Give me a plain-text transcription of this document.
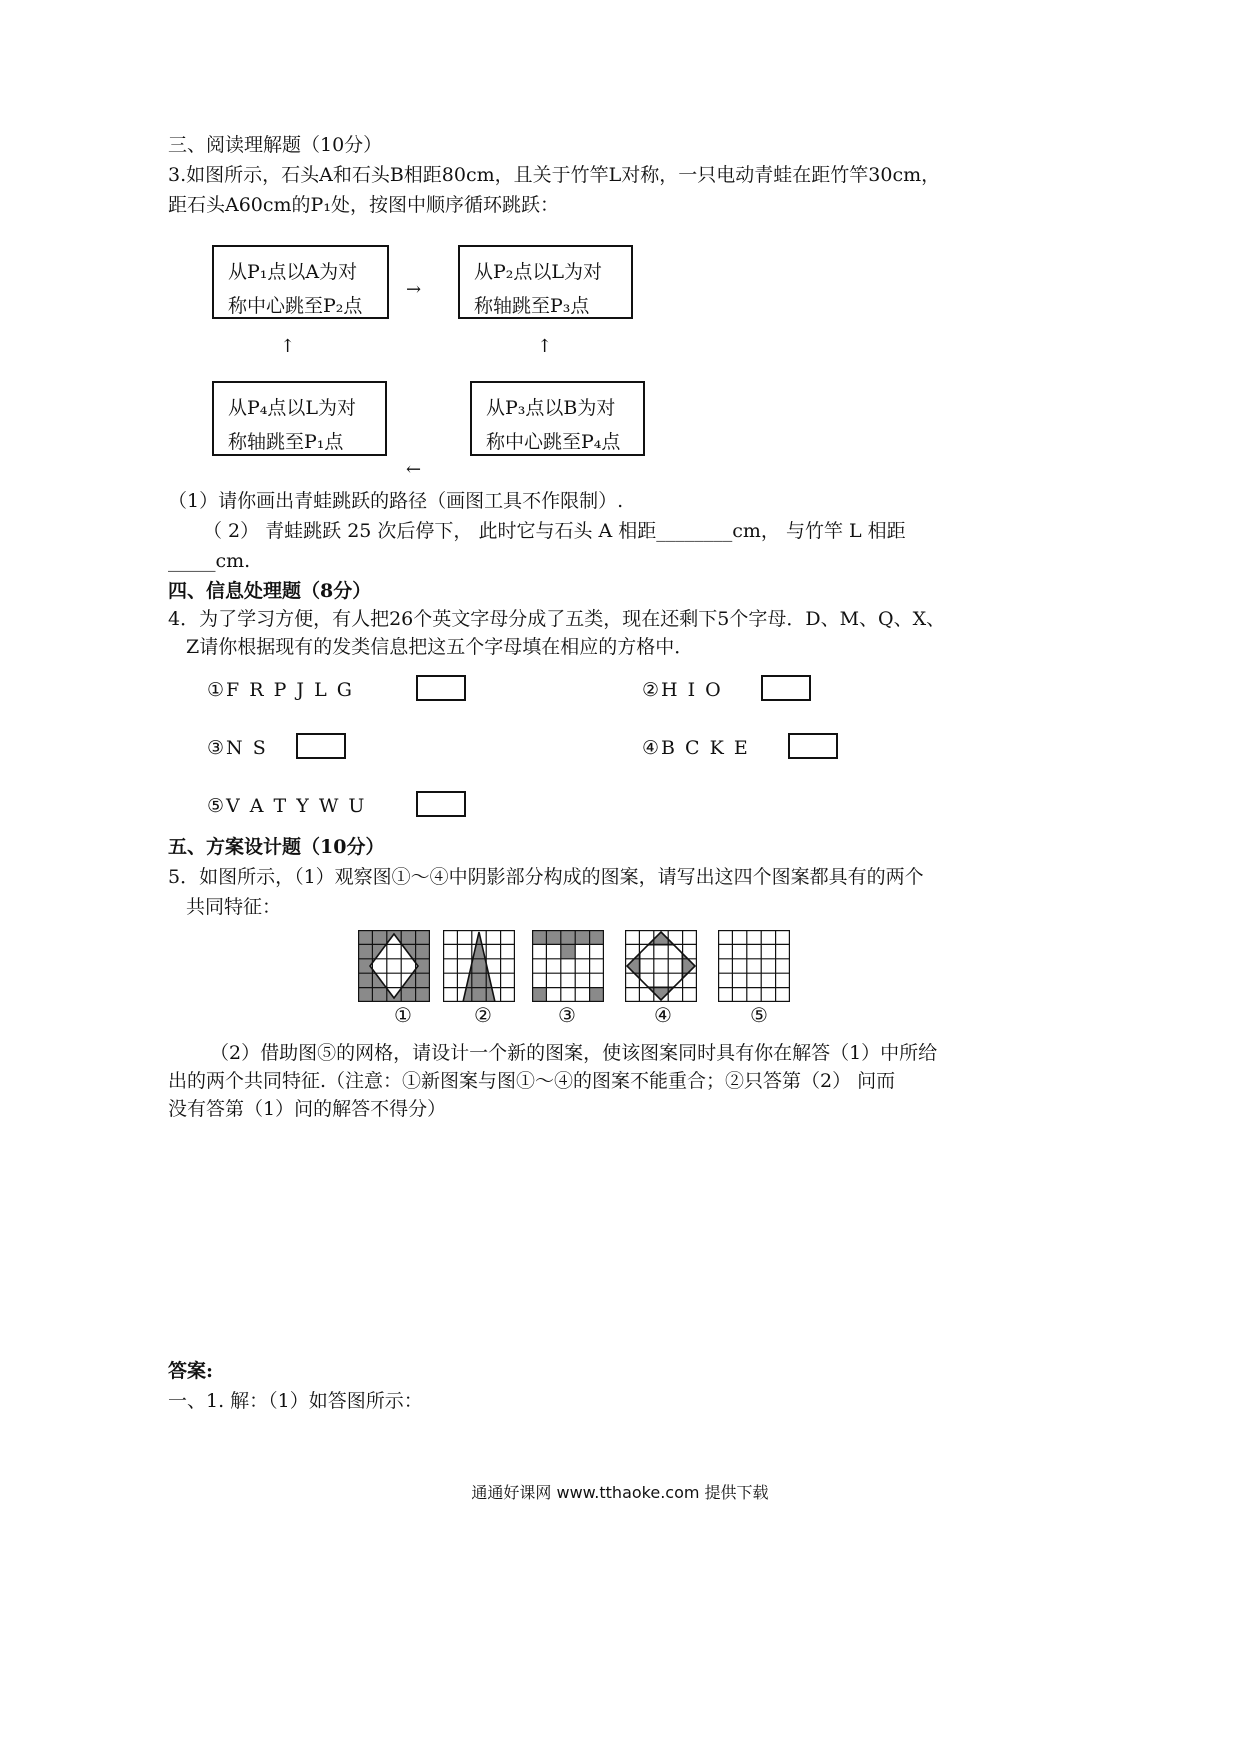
三、阅读理解题（10分）
3.如图所示，石头A和石头B相距80cm，且关于竹竿L对称，一只电动青蛙在距竹竿30cm，
距石头A60cm的P₁处，按图中顺序循环跳跃：
从P₁点以A为对
称中心跳至P₂点
从P₂点以L为对
称轴跳至P₃点
从P₃点以B为对
称中心跳至P₄点
从P₄点以L为对
称轴跳至P₁点
→
↑
←
↑
（1）请你画出青蛙跳跃的路径（画图工具不作限制）.
（ 2） 青蛙跳跃 25 次后停下， 此时它与石头 A 相距________cm， 与竹竿 L 相距
_____cm.
四、信息处理题（8分）
4．为了学习方便，有人把26个英文字母分成了五类，现在还剩下5个字母．D、M、Q、X、
Z请你根据现有的发类信息把这五个字母填在相应的方格中．
①F R P J L G	②H I O
③N S	④B C K E
⑤V A T Y W U
五、方案设计题（10分）
5．如图所示，（1）观察图①～④中阴影部分构成的图案，请写出这四个图案都具有的两个
共同特征：
①	②	③	④	⑤
（2）借助图⑤的网格，请设计一个新的图案，使该图案同时具有你在解答（1）中所给
出的两个共同特征.（注意：①新图案与图①～④的图案不能重合；②只答第（2） 问而
没有答第（1）问的解答不得分）
答案:
一、1. 解：（1）如答图所示：
通通好课网 www.tthaoke.com 提供下载
